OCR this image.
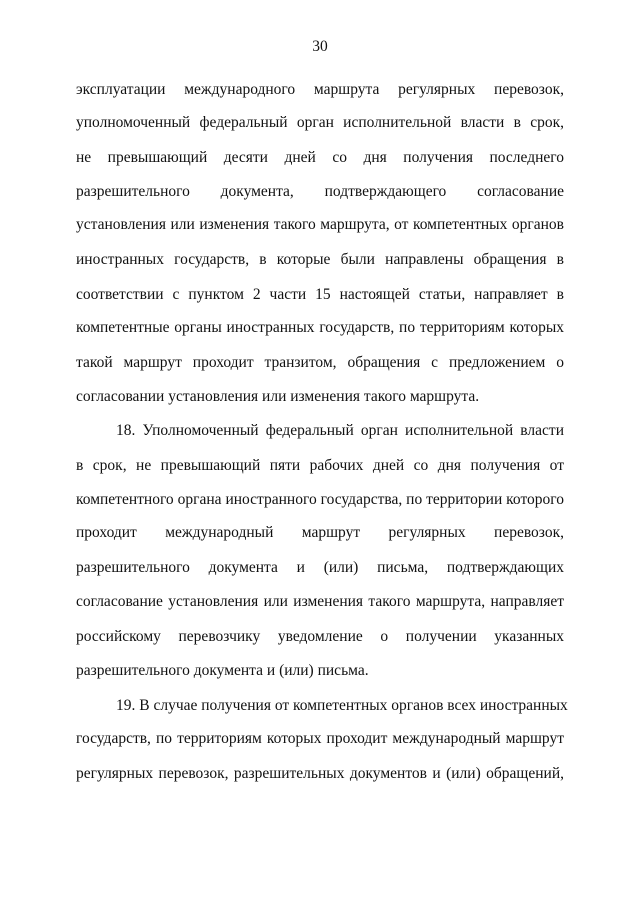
30
эксплуатации международного маршрута регулярных перевозок,
уполномоченный федеральный орган исполнительной власти в срок,
не превышающий десяти дней со дня получения последнего
разрешительного документа, подтверждающего согласование
установления или изменения такого маршрута, от компетентных органов
иностранных государств, в которые были направлены обращения в
соответствии с пунктом 2 части 15 настоящей статьи, направляет в
компетентные органы иностранных государств, по территориям которых
такой маршрут проходит транзитом, обращения с предложением о
согласовании установления или изменения такого маршрута.
18. Уполномоченный федеральный орган исполнительной власти
в срок, не превышающий пяти рабочих дней со дня получения от
компетентного органа иностранного государства, по территории которого
проходит международный маршрут регулярных перевозок,
разрешительного документа и (или) письма, подтверждающих
согласование установления или изменения такого маршрута, направляет
российскому перевозчику уведомление о получении указанных
разрешительного документа и (или) письма.
19. В случае получения от компетентных органов всех иностранных
государств, по территориям которых проходит международный маршрут
регулярных перевозок, разрешительных документов и (или) обращений,
